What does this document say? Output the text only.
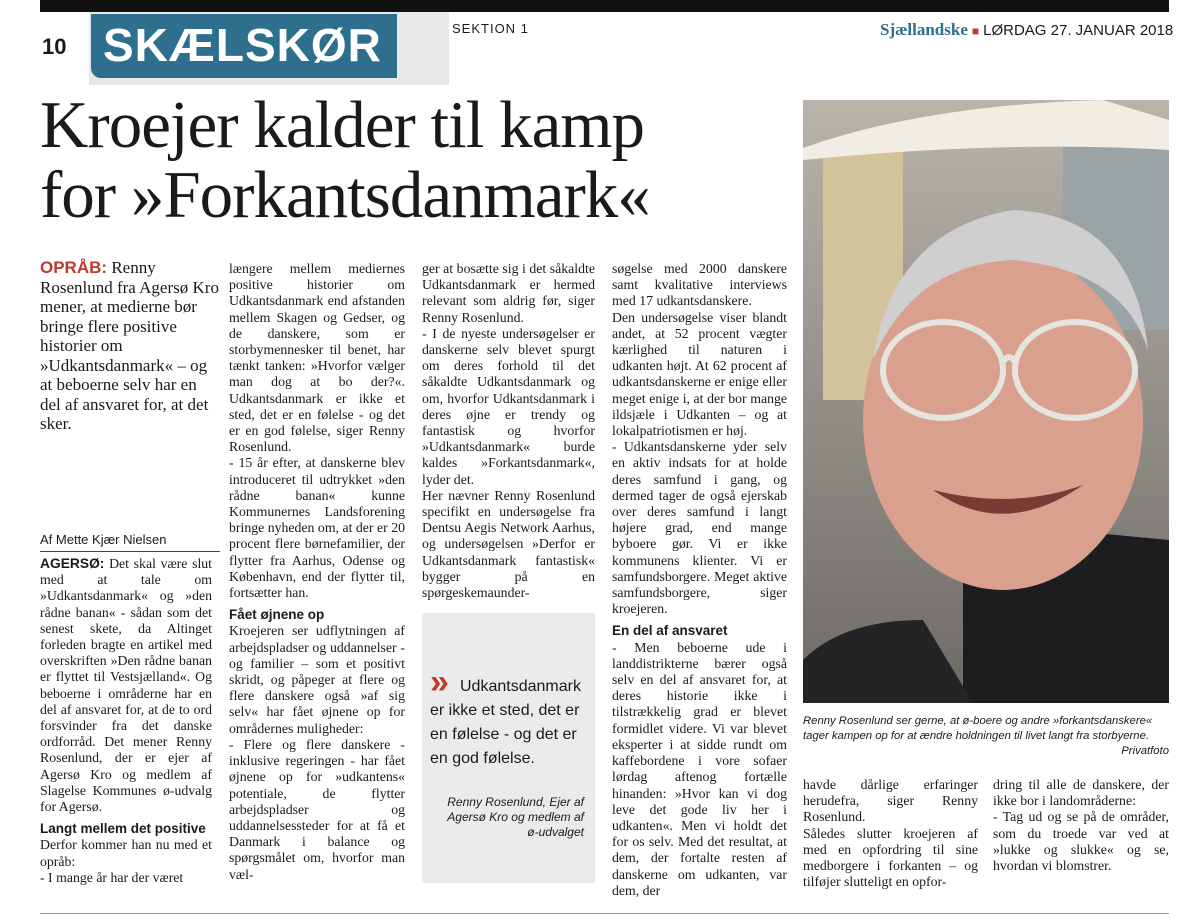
10 SKÆLSKØR	SEKTION 1	Sjællandske ■ LØRDAG 27. JANUAR 2018
Kroejer kalder til kamp
for »Forkantsdanmark«
OPRÅB: Renny Rosenlund fra Agersø Kro mener, at medierne bør bringe flere positive historier om »Udkantsdanmark« – og at beboerne selv har en del af ansvaret for, at det sker.
Af Mette Kjær Nielsen

AGERSØ: Det skal være slut med at tale om »Udkantsdanmark« og »den rådne banan« - sådan som det senest skete, da Altinget forleden bragte en artikel med overskriften »Den rådne banan er flyttet til Vestsjælland«. Og beboerne i områderne har en del af ansvaret for, at de to ord forsvinder fra det danske ordforråd. Det mener Renny Rosenlund, der er ejer af Agersø Kro og medlem af Slagelse Kommunes ø-udvalg for Agersø.

Langt mellem det positive

Derfor kommer han nu med et opråb:

- I mange år har der været

længere mellem mediernes positive historier om Udkantsdanmark end afstanden mellem Skagen og Gedser, og de danskere, som er storbymennesker til benet, har tænkt tanken: »Hvorfor vælger man dog at bo der?«. Udkantsdanmark er ikke et sted, det er en følelse - og det er en god følelse, siger Renny Rosenlund.

- 15 år efter, at danskerne blev introduceret til udtrykket »den rådne banan« kunne Kommunernes Landsforening bringe nyheden om, at der er 20 procent flere børnefamilier, der flytter fra Aarhus, Odense og København, end der flytter til, fortsætter han.

Fået øjnene op

Kroejeren ser udflytningen af arbejdspladser og uddannelser - og familier – som et positivt skridt, og påpeger at flere og flere danskere også »af sig selv« har fået øjnene op for områdernes muligheder:

- Flere og flere danskere - inklusive regeringen - har fået øjnene op for »udkantens« potentiale, de flytter arbejdspladser og uddannelsessteder for at få et Danmark i balance og spørgsmålet om, hvorfor man væl-

ger at bosætte sig i det såkaldte Udkantsdanmark er hermed relevant som aldrig før, siger Renny Rosenlund.

- I de nyeste undersøgelser er danskerne selv blevet spurgt om deres forhold til det såkaldte Udkantsdanmark og om, hvorfor Udkantsdanmark i deres øjne er trendy og fantastisk og hvorfor »Udkantsdanmark« burde kaldes »Forkantsdanmark«, lyder det.

Her nævner Renny Rosenlund specifikt en undersøgelse fra Dentsu Aegis Network Aarhus, og undersøgelsen »Derfor er Udkantsdanmark fantastisk« bygger på en spørgeskemaunder-

» Udkantsdanmark er ikke et sted, det er en følelse - og det er en god følelse.
Renny Rosenlund, Ejer af Agersø Kro og medlem af ø-udvalget

søgelse med 2000 danskere samt kvalitative interviews med 17 udkantsdanskere.

Den undersøgelse viser blandt andet, at 52 procent vægter kærlighed til naturen i udkanten højt. At 62 procent af udkantsdanskerne er enige eller meget enige i, at der bor mange ildsjæle i Udkanten – og at lokalpatriotismen er høj.

- Udkantsdanskerne yder selv en aktiv indsats for at holde deres samfund i gang, og dermed tager de også ejerskab over deres samfund i langt højere grad, end mange byboere gør. Vi er ikke kommunens klienter. Vi er samfundsborgere. Meget aktive samfundsborgere, siger kroejeren.

En del af ansvaret

- Men beboerne ude i landdistrikterne bærer også selv en del af ansvaret for, at deres historie ikke i tilstrækkelig grad er blevet formidlet videre. Vi var blevet eksperter i at sidde rundt om kaffebordene i vore sofaer lørdag aftenog fortælle hinanden: »Hvor kan vi dog leve det gode liv her i udkanten«. Men vi holdt det for os selv. Med det resultat, at dem, der fortalte resten af danskerne om udkanten, var dem, der

Renny Rosenlund ser gerne, at ø-boere og andre »forkantsdanskere« tager kampen op for at ændre holdningen til livet langt fra storbyerne.
Privatfoto

havde dårlige erfaringer herudefra, siger Renny Rosenlund.

Således slutter kroejeren af med en opfordring til sine medborgere i forkanten – og tilføjer slutteligt en opfor-

dring til alle de danskere, der ikke bor i landområderne:

- Tag ud og se på de områder, som du troede var ved at »lukke og slukke« og se, hvordan vi blomstrer.
